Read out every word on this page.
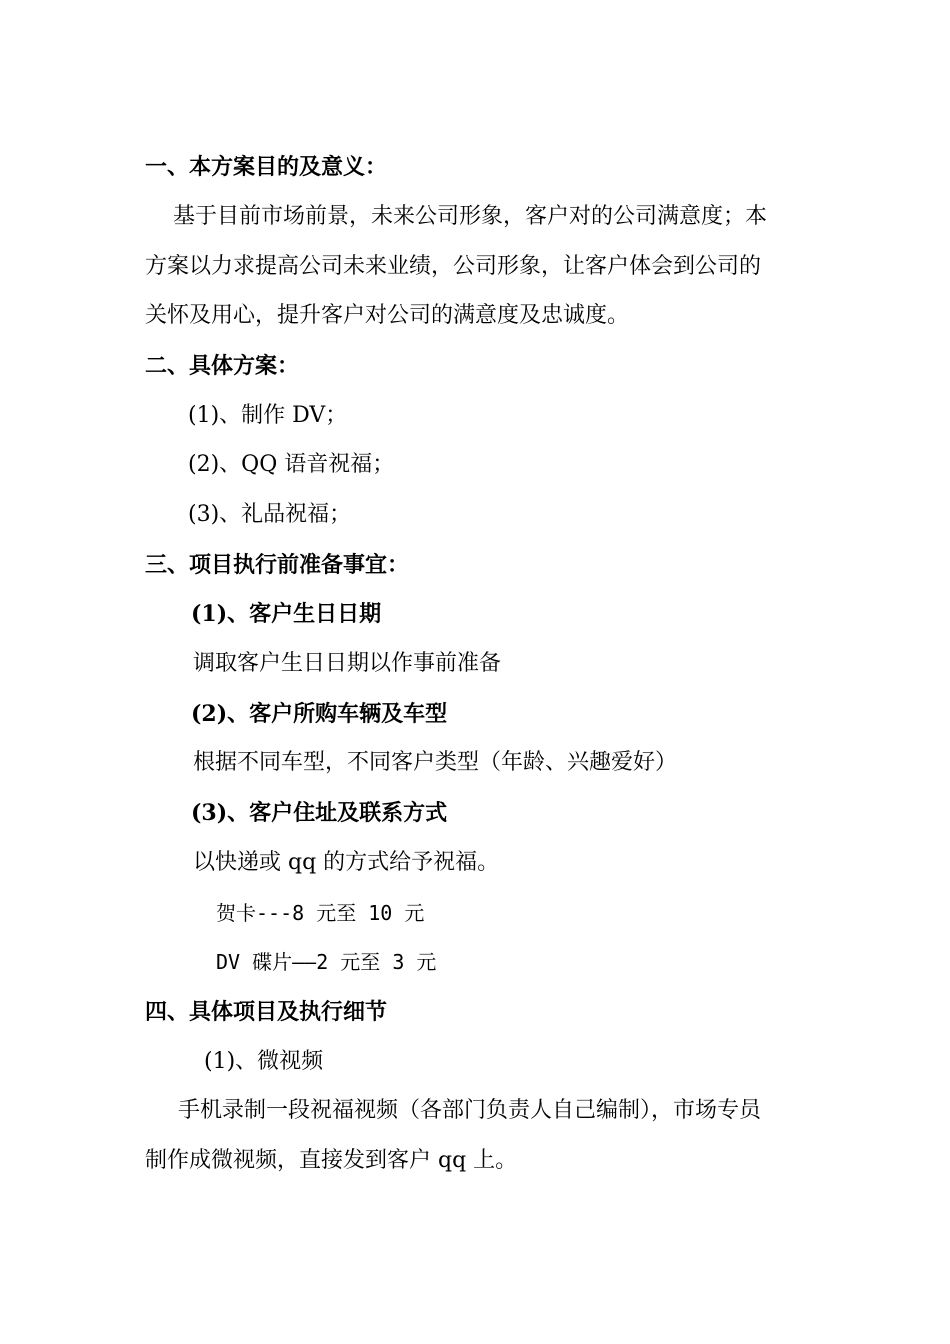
一、本方案目的及意义：
基于目前市场前景，未来公司形象，客户对的公司满意度；本
方案以力求提高公司未来业绩，公司形象，让客户体会到公司的
关怀及用心，提升客户对公司的满意度及忠诚度。
二、具体方案：
(1)、制作 DV；
(2)、QQ 语音祝福；
(3)、礼品祝福；
三、项目执行前准备事宜：
(1)、客户生日日期
调取客户生日日期以作事前准备
(2)、客户所购车辆及车型
根据不同车型，不同客户类型（年龄、兴趣爱好）
(3)、客户住址及联系方式
以快递或 qq 的方式给予祝福。
贺卡---8 元至 10 元
DV 碟片——2 元至 3 元
四、具体项目及执行细节
(1)、微视频
手机录制一段祝福视频（各部门负责人自己编制），市场专员
制作成微视频，直接发到客户 qq 上。
